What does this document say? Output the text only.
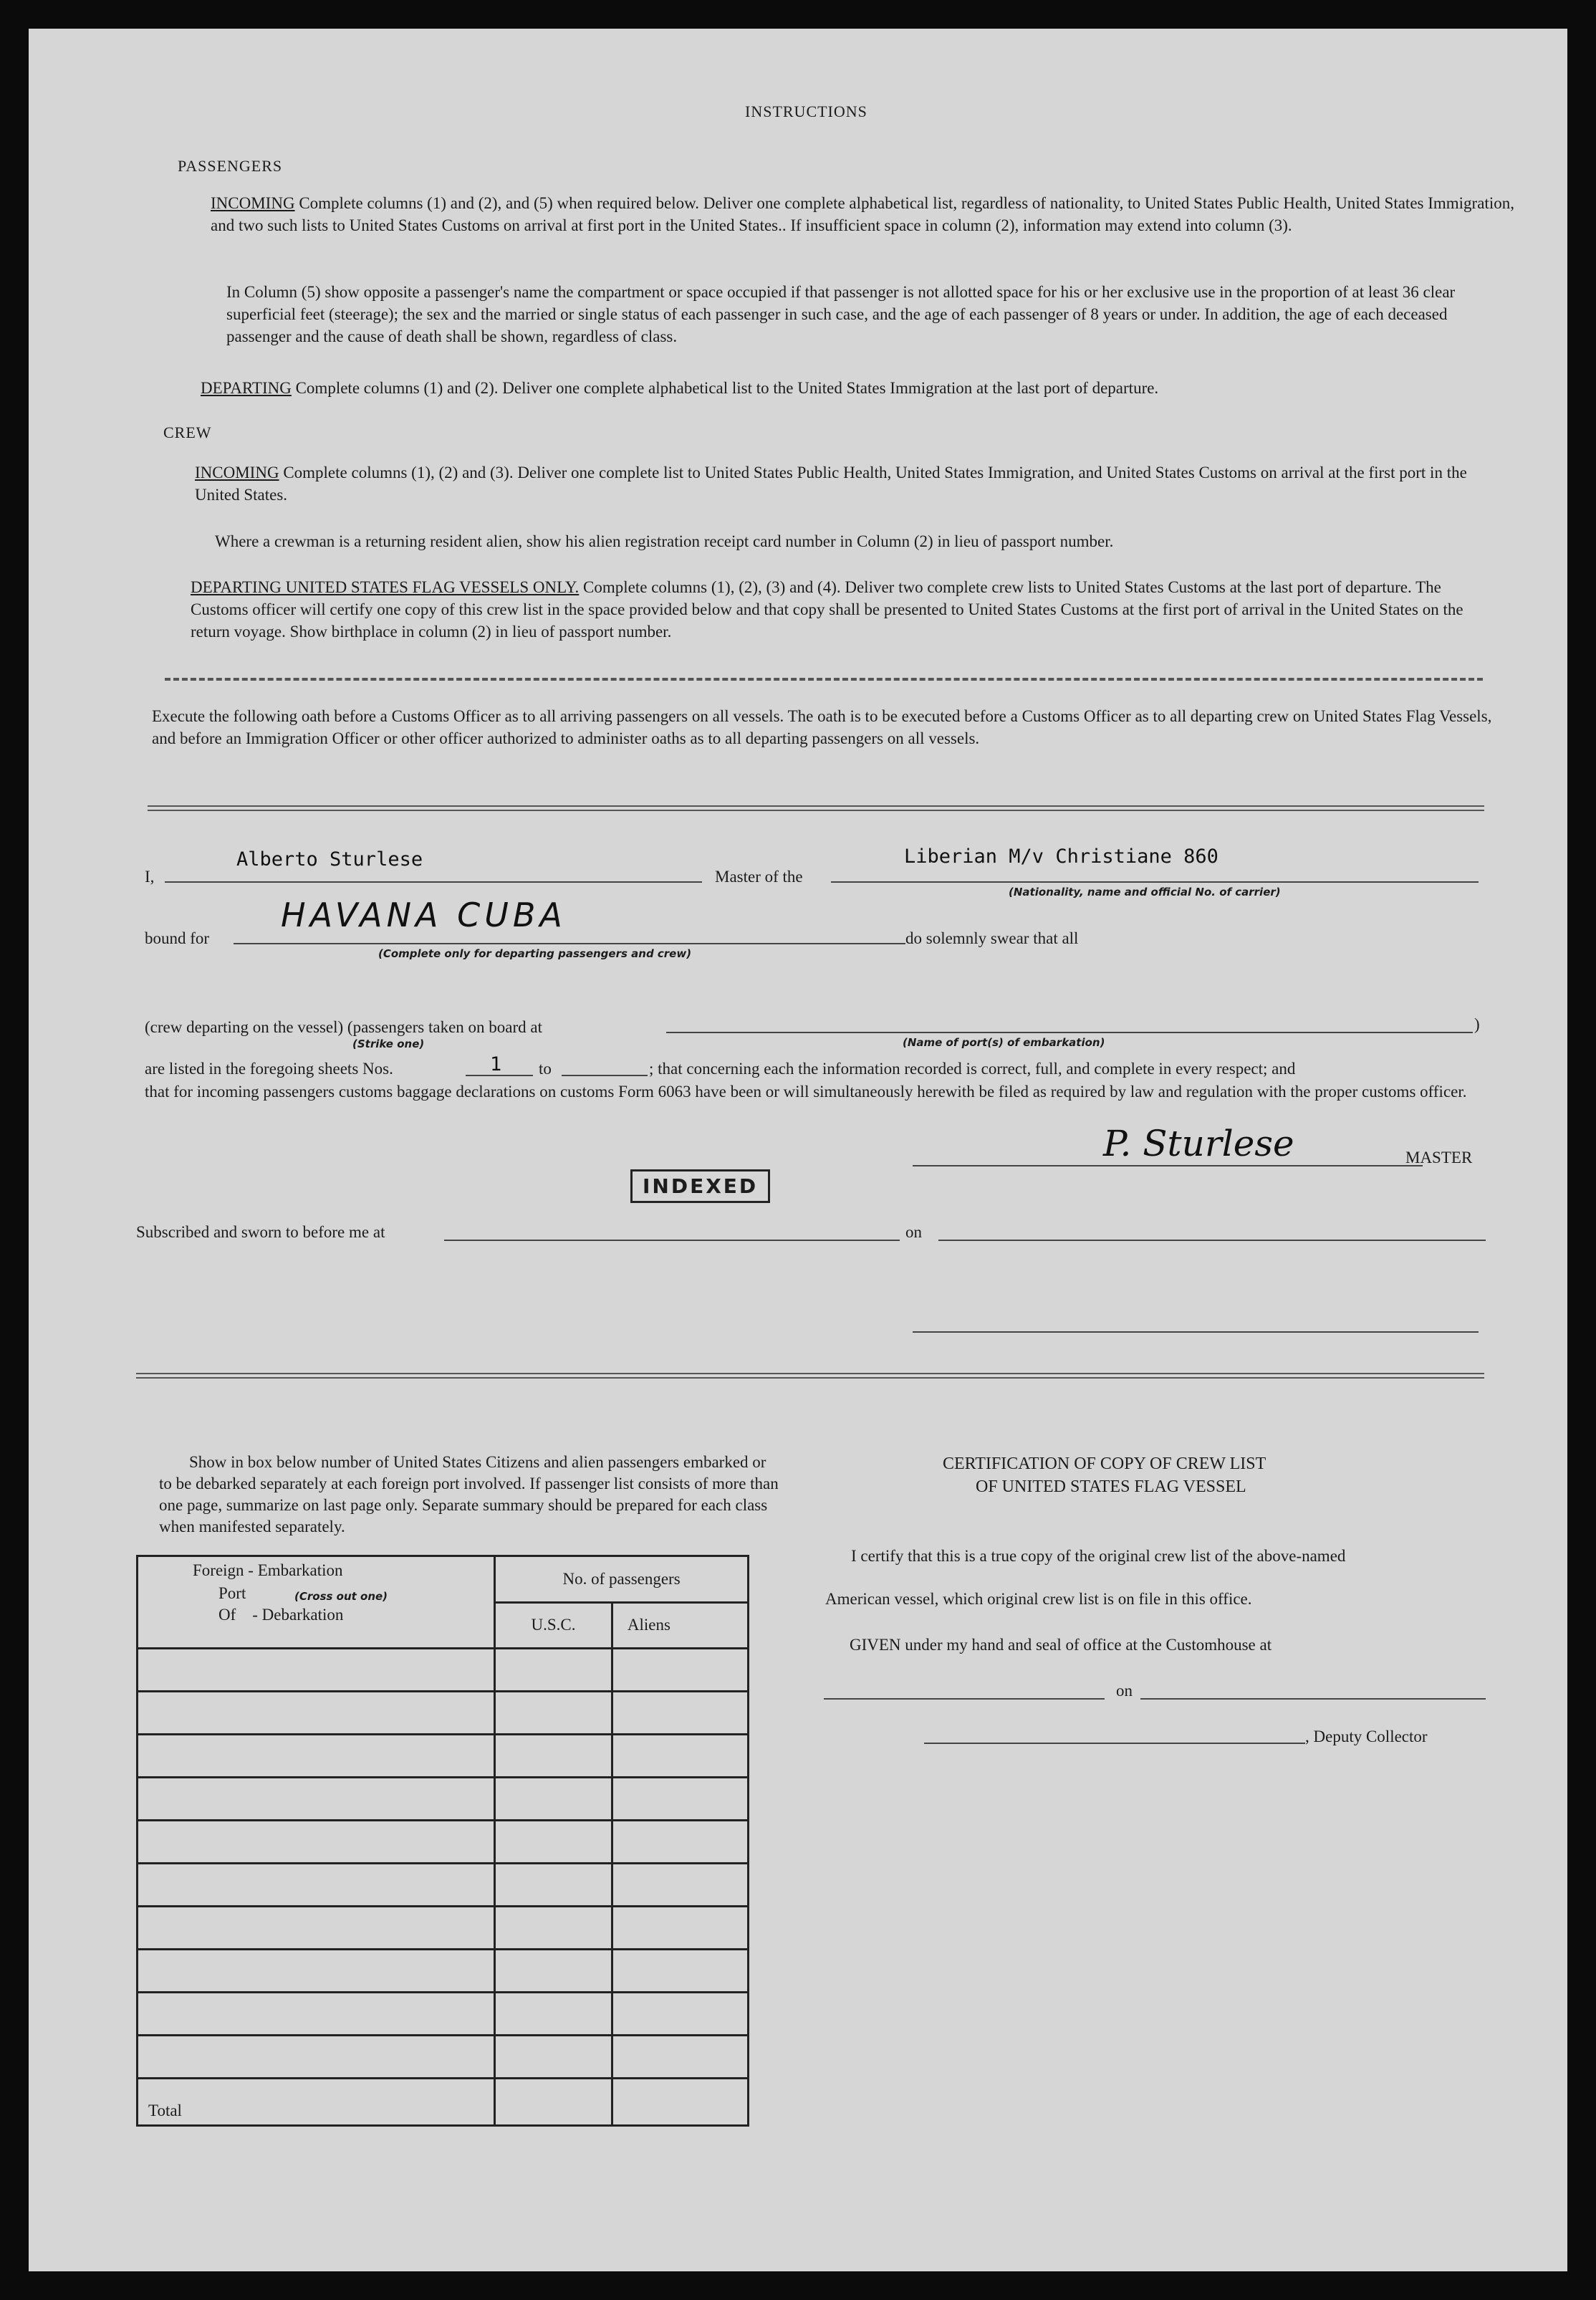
INSTRUCTIONS
PASSENGERS
INCOMING Complete columns (1) and (2), and (5) when required below. Deliver one complete alphabetical list, regardless of nationality, to United States Public Health, United States Immigration, and two such lists to United States Customs on arrival at first port in the United States.. If insufficient space in column (2), information may extend into column (3).
In Column (5) show opposite a passenger's name the compartment or space occupied if that passenger is not allotted space for his or her exclusive use in the proportion of at least 36 clear superficial feet (steerage); the sex and the married or single status of each passenger in such case, and the age of each passenger of 8 years or under. In addition, the age of each deceased passenger and the cause of death shall be shown, regardless of class.
DEPARTING Complete columns (1) and (2). Deliver one complete alphabetical list to the United States Immigration at the last port of departure.
CREW
INCOMING Complete columns (1), (2) and (3). Deliver one complete list to United States Public Health, United States Immigration, and United States Customs on arrival at the first port in the United States.
Where a crewman is a returning resident alien, show his alien registration receipt card number in Column (2) in lieu of passport number.
DEPARTING UNITED STATES FLAG VESSELS ONLY. Complete columns (1), (2), (3) and (4). Deliver two complete crew lists to United States Customs at the last port of departure. The Customs officer will certify one copy of this crew list in the space provided below and that copy shall be presented to United States Customs at the first port of arrival in the United States on the return voyage. Show birthplace in column (2) in lieu of passport number.
Execute the following oath before a Customs Officer as to all arriving passengers on all vessels. The oath is to be executed before a Customs Officer as to all departing crew on United States Flag Vessels, and before an Immigration Officer or other officer authorized to administer oaths as to all departing passengers on all vessels.
I,
Alberto Sturlese
Master of the
Liberian M/v Christiane 860
(Nationality, name and official No. of carrier)
bound for
HAVANA CUBA
(Complete only for departing passengers and crew)
do solemnly swear that all
(crew departing on the vessel) (passengers taken on board at
(Strike one)
)
(Name of port(s) of embarkation)
are listed in the foregoing sheets Nos.	1 to	; that concerning each the information recorded is correct, full, and complete in every respect; and
that for incoming passengers customs baggage declarations on customs Form 6063 have been or will simultaneously herewith be filed as required by law and regulation with the proper customs officer.
P. Sturlese	MASTER
INDEXED
Subscribed and sworn to before me at	on
Show in box below number of United States Citizens and alien passengers embarked or to be debarked separately at each foreign port involved. If passenger list consists of more than one page, summarize on last page only. Separate summary should be prepared for each class when manifested separately.
Foreign - Embarkation
Port (Cross out one)
Of    - Debarkation	No. of passengers	
	U.S.C.	Aliens

Total		
CERTIFICATION OF COPY OF CREW LIST
OF UNITED STATES FLAG VESSEL
I certify that this is a true copy of the original crew list of the above-named
American vessel, which original crew list is on file in this office.
GIVEN under my hand and seal of office at the Customhouse at
on
, Deputy Collector
